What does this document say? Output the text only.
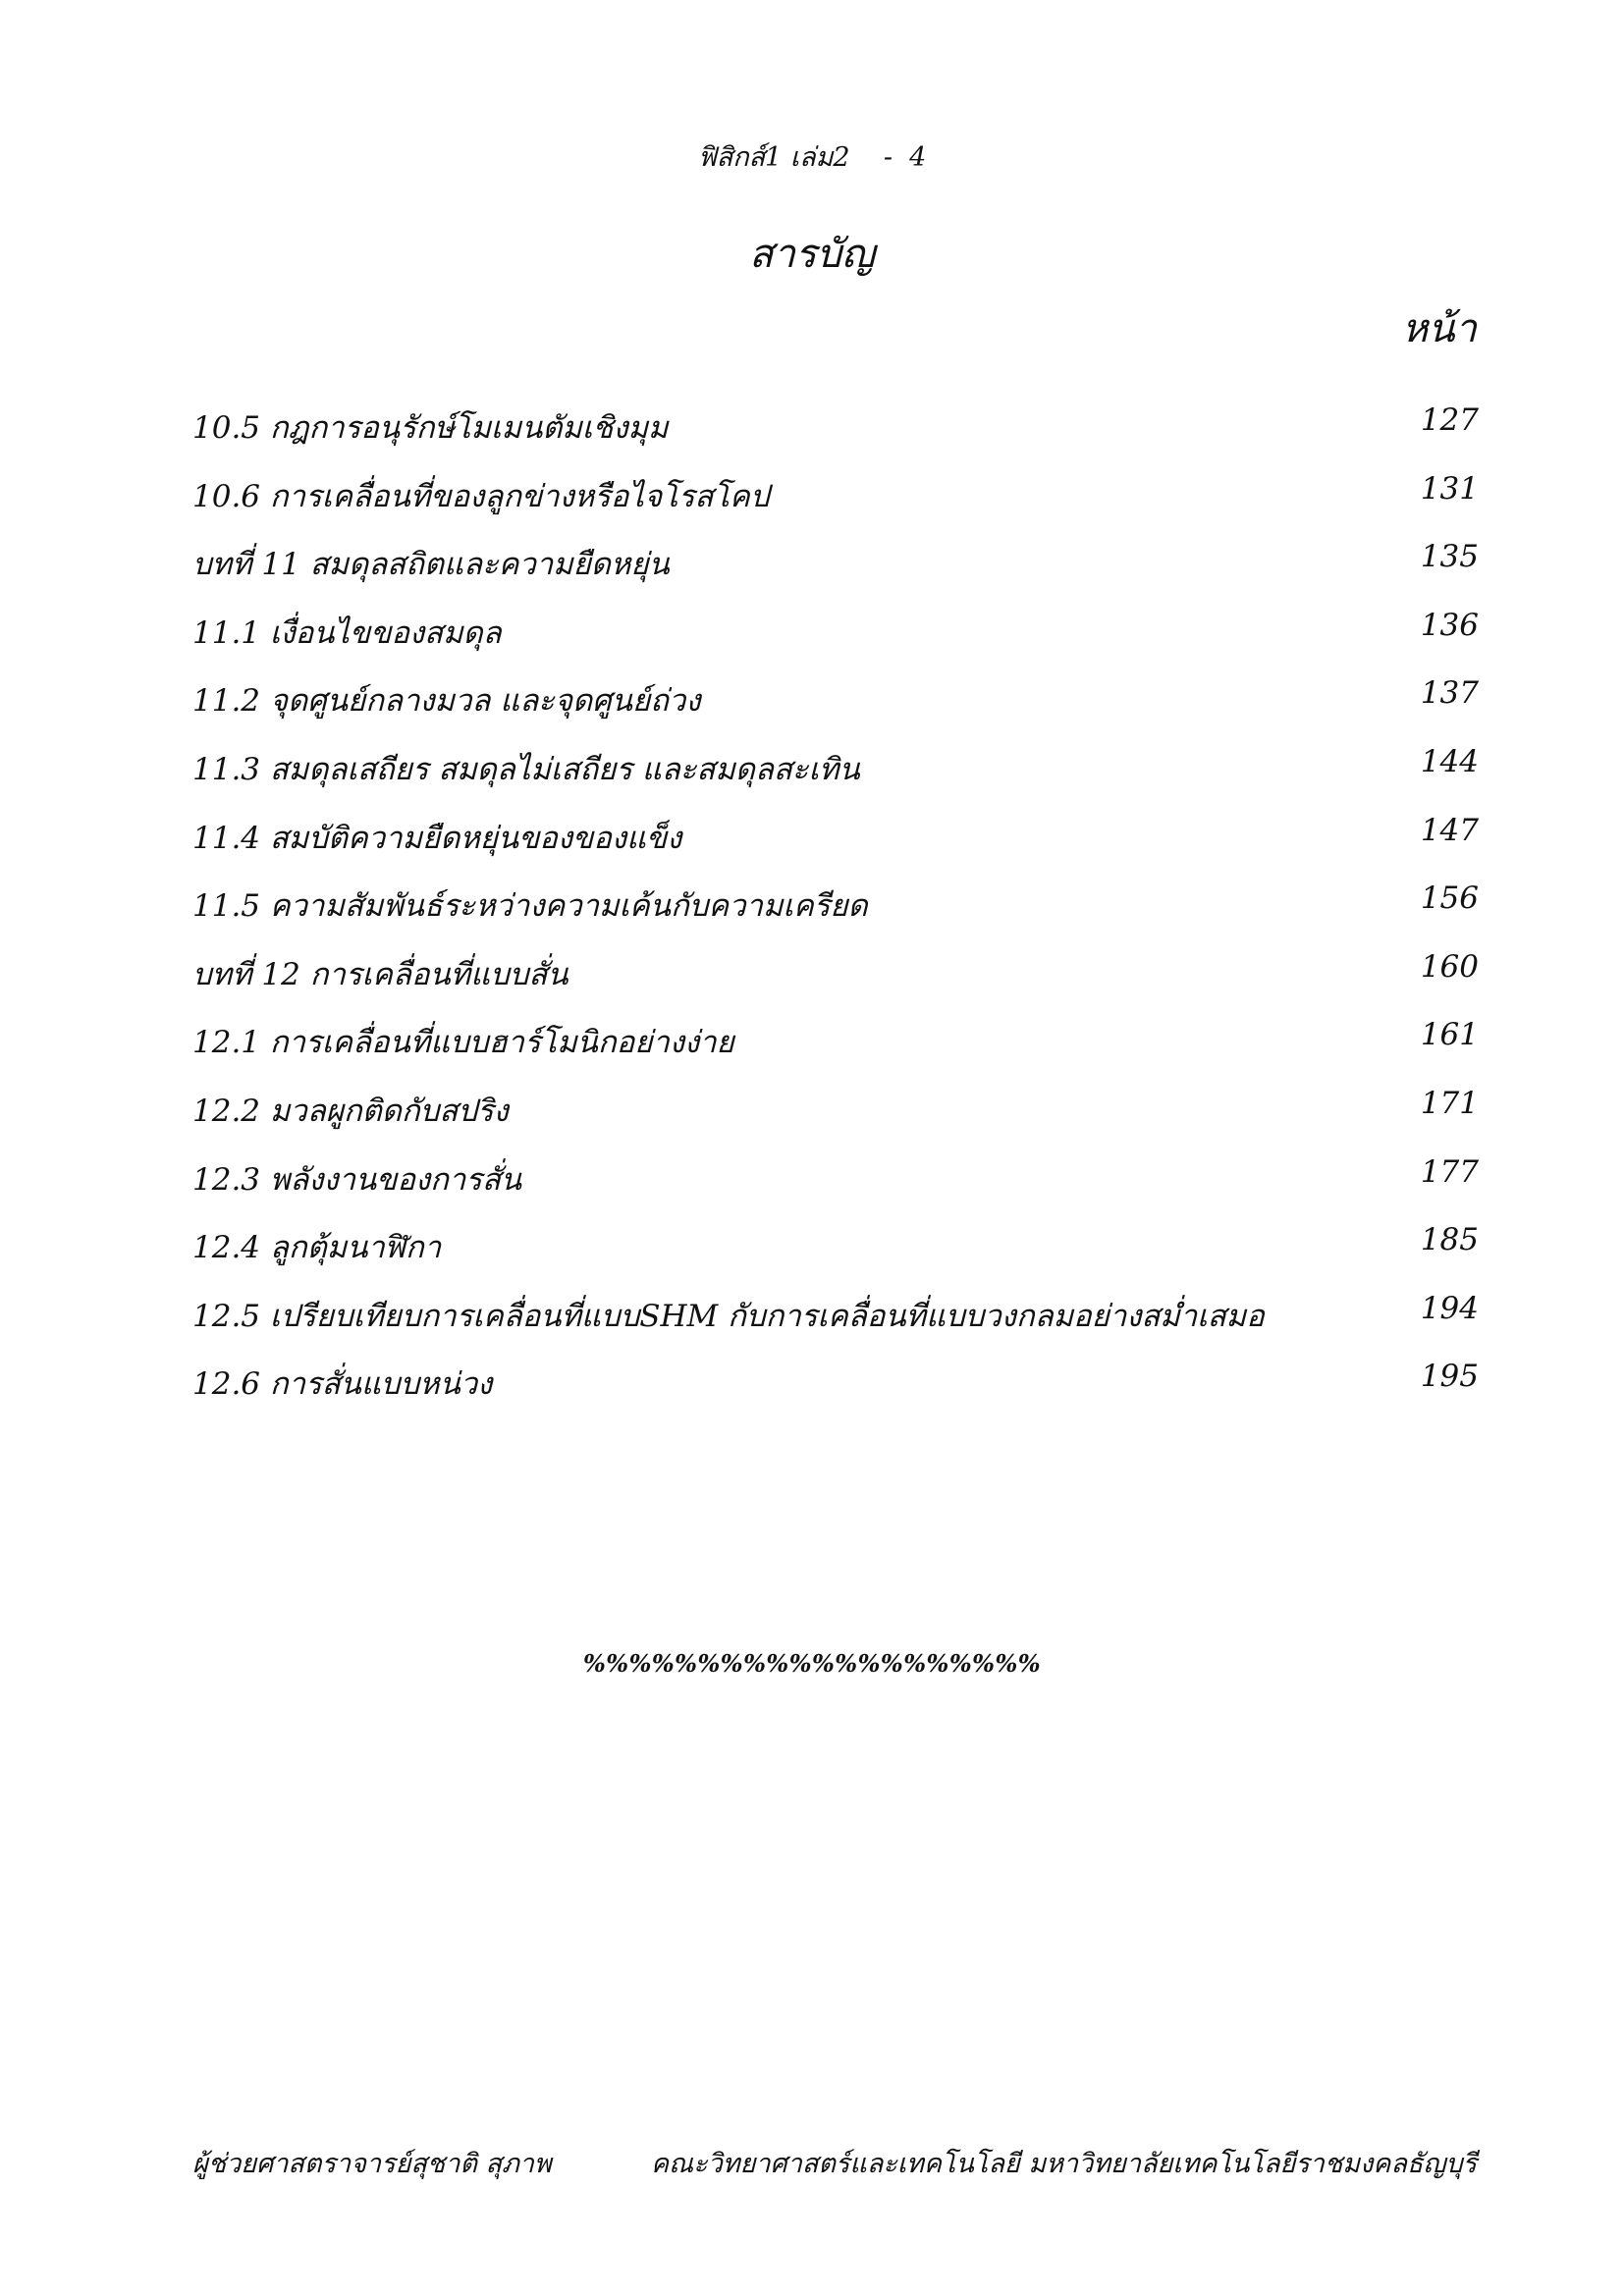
ฟิสิกส์1 เล่ม2    -  4
สารบัญ
หน้า
10.5 กฎการอนุรักษ์โมเมนตัมเชิงมุม	127
10.6 การเคลื่อนที่ของลูกข่างหรือไจโรสโคป	131
บทที่ 11 สมดุลสถิตและความยืดหยุ่น	135
11.1 เงื่อนไขของสมดุล	136
11.2 จุดศูนย์กลางมวล และจุดศูนย์ถ่วง	137
11.3 สมดุลเสถียร สมดุลไม่เสถียร และสมดุลสะเทิน	144
11.4 สมบัติความยืดหยุ่นของของแข็ง	147
11.5 ความสัมพันธ์ระหว่างความเค้นกับความเครียด	156
บทที่ 12 การเคลื่อนที่แบบสั่น	160
12.1 การเคลื่อนที่แบบฮาร์โมนิกอย่างง่าย	161
12.2 มวลผูกติดกับสปริง	171
12.3 พลังงานของการสั่น	177
12.4 ลูกตุ้มนาฬิกา	185
12.5 เปรียบเทียบการเคลื่อนที่แบบSHM กับการเคลื่อนที่แบบวงกลมอย่างสม่ำเสมอ	194
12.6 การสั่นแบบหน่วง	195
%%%%%%%%%%%%%%%%%%%%
ผู้ช่วยศาสตราจารย์สุชาติ สุภาพ	คณะวิทยาศาสตร์และเทคโนโลยี มหาวิทยาลัยเทคโนโลยีราชมงคลธัญบุรี
